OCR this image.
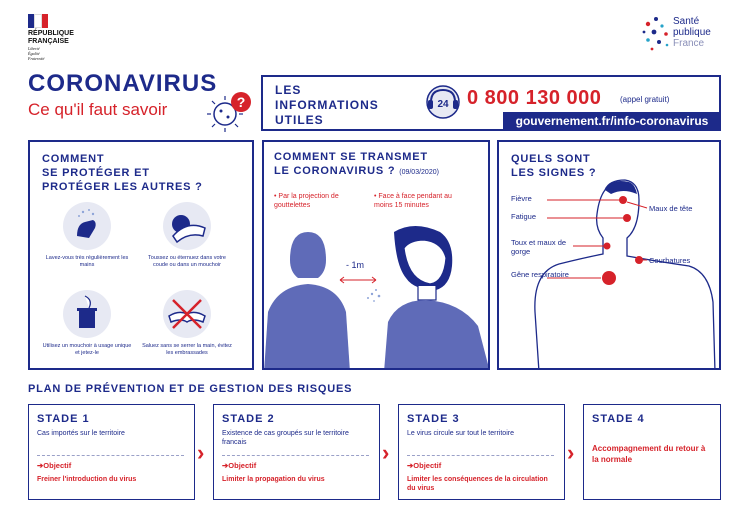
RÉPUBLIQUE FRANÇAISE
Liberté
Égalité
Fraternité
Santé
publique
France
CORONAVIRUS
Ce qu'il faut savoir	?
LES
INFORMATIONS
UTILES
24 0 800 130 000 (appel gratuit)
gouvernement.fr/info-coronavirus
COMMENT
SE PROTÉGER ET
PROTÉGER LES AUTRES ?
Lavez-vous très régulièrement les mains
Toussez ou éternuez dans votre coude ou dans un mouchoir
Utilisez un mouchoir à usage unique et jetez-le
Saluez sans se serrer la main, évitez les embrassades
COMMENT SE TRANSMET
LE CORONAVIRUS ? (09/03/2020)
• Par la projection de gouttelettes
• Face à face pendant au moins 15 minutes
- 1m
QUELS SONT
LES SIGNES ?
Fièvre
Maux de tête
Fatigue
Toux et maux de gorge
Courbatures
Gêne respiratoire
PLAN DE PRÉVENTION ET DE GESTION DES RISQUES
STADE 1
Cas importés sur le territoire
➔Objectif
Freiner l'introduction du virus
›
STADE 2
Existence de cas groupés sur le territoire francais
➔Objectif
Limiter la propagation du virus
›
STADE 3
Le virus circule sur tout le territoire
➔Objectif
Limiter les conséquences de la circulation du virus
›
STADE 4
Accompagnement du retour à la normale
